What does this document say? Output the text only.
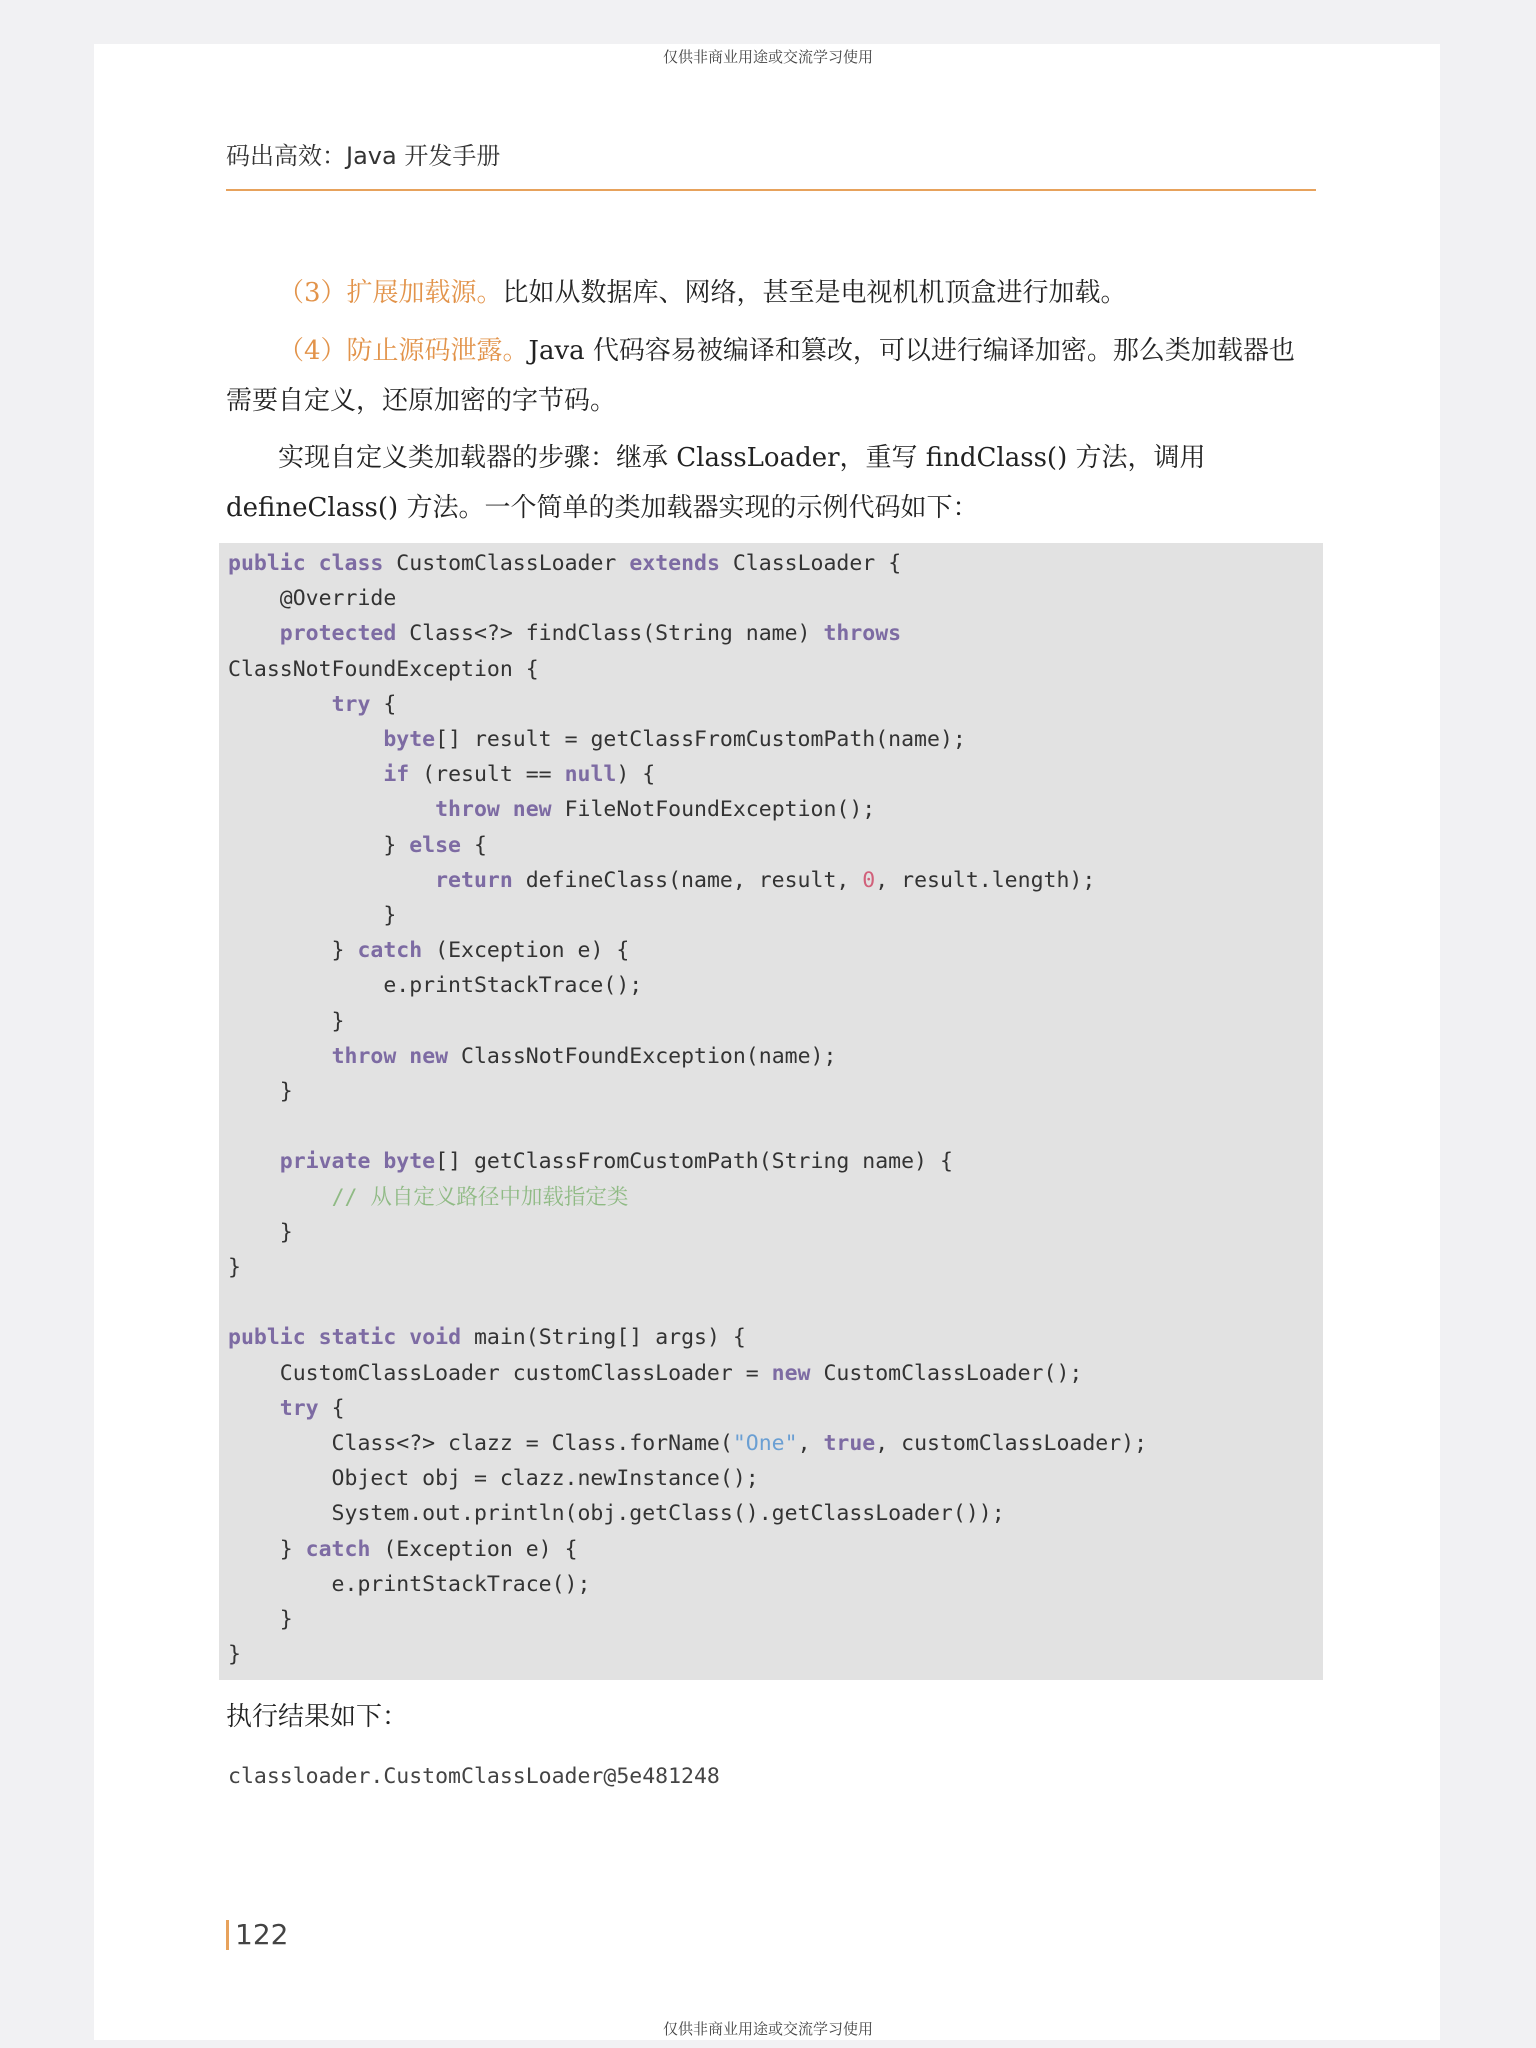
仅供非商业用途或交流学习使用
码出高效：Java 开发手册

（3）扩展加载源。比如从数据库、网络，甚至是电视机机顶盒进行加载。

（4）防止源码泄露。Java 代码容易被编译和篡改，可以进行编译加密。那么类加载器也需要自定义，还原加密的字节码。

实现自定义类加载器的步骤：继承 ClassLoader，重写 findClass() 方法，调用 defineClass() 方法。一个简单的类加载器实现的示例代码如下：

public class CustomClassLoader extends ClassLoader {
@Override
protected Class<?> findClass(String name) throws
ClassNotFoundException {
try {
byte[] result = getClassFromCustomPath(name);
if (result == null) {
throw new FileNotFoundException();
} else {
return defineClass(name, result, 0, result.length);
}
} catch (Exception e) {
e.printStackTrace();
}
throw new ClassNotFoundException(name);
}

private byte[] getClassFromCustomPath(String name) {
// 从自定义路径中加载指定类
}
}

public static void main(String[] args) {
CustomClassLoader customClassLoader = new CustomClassLoader();
try {
Class<?> clazz = Class.forName("One", true, customClassLoader);
Object obj = clazz.newInstance();
System.out.println(obj.getClass().getClassLoader());
} catch (Exception e) {
e.printStackTrace();
}
}
执行结果如下：
classloader.CustomClassLoader@5e481248
122
仅供非商业用途或交流学习使用
